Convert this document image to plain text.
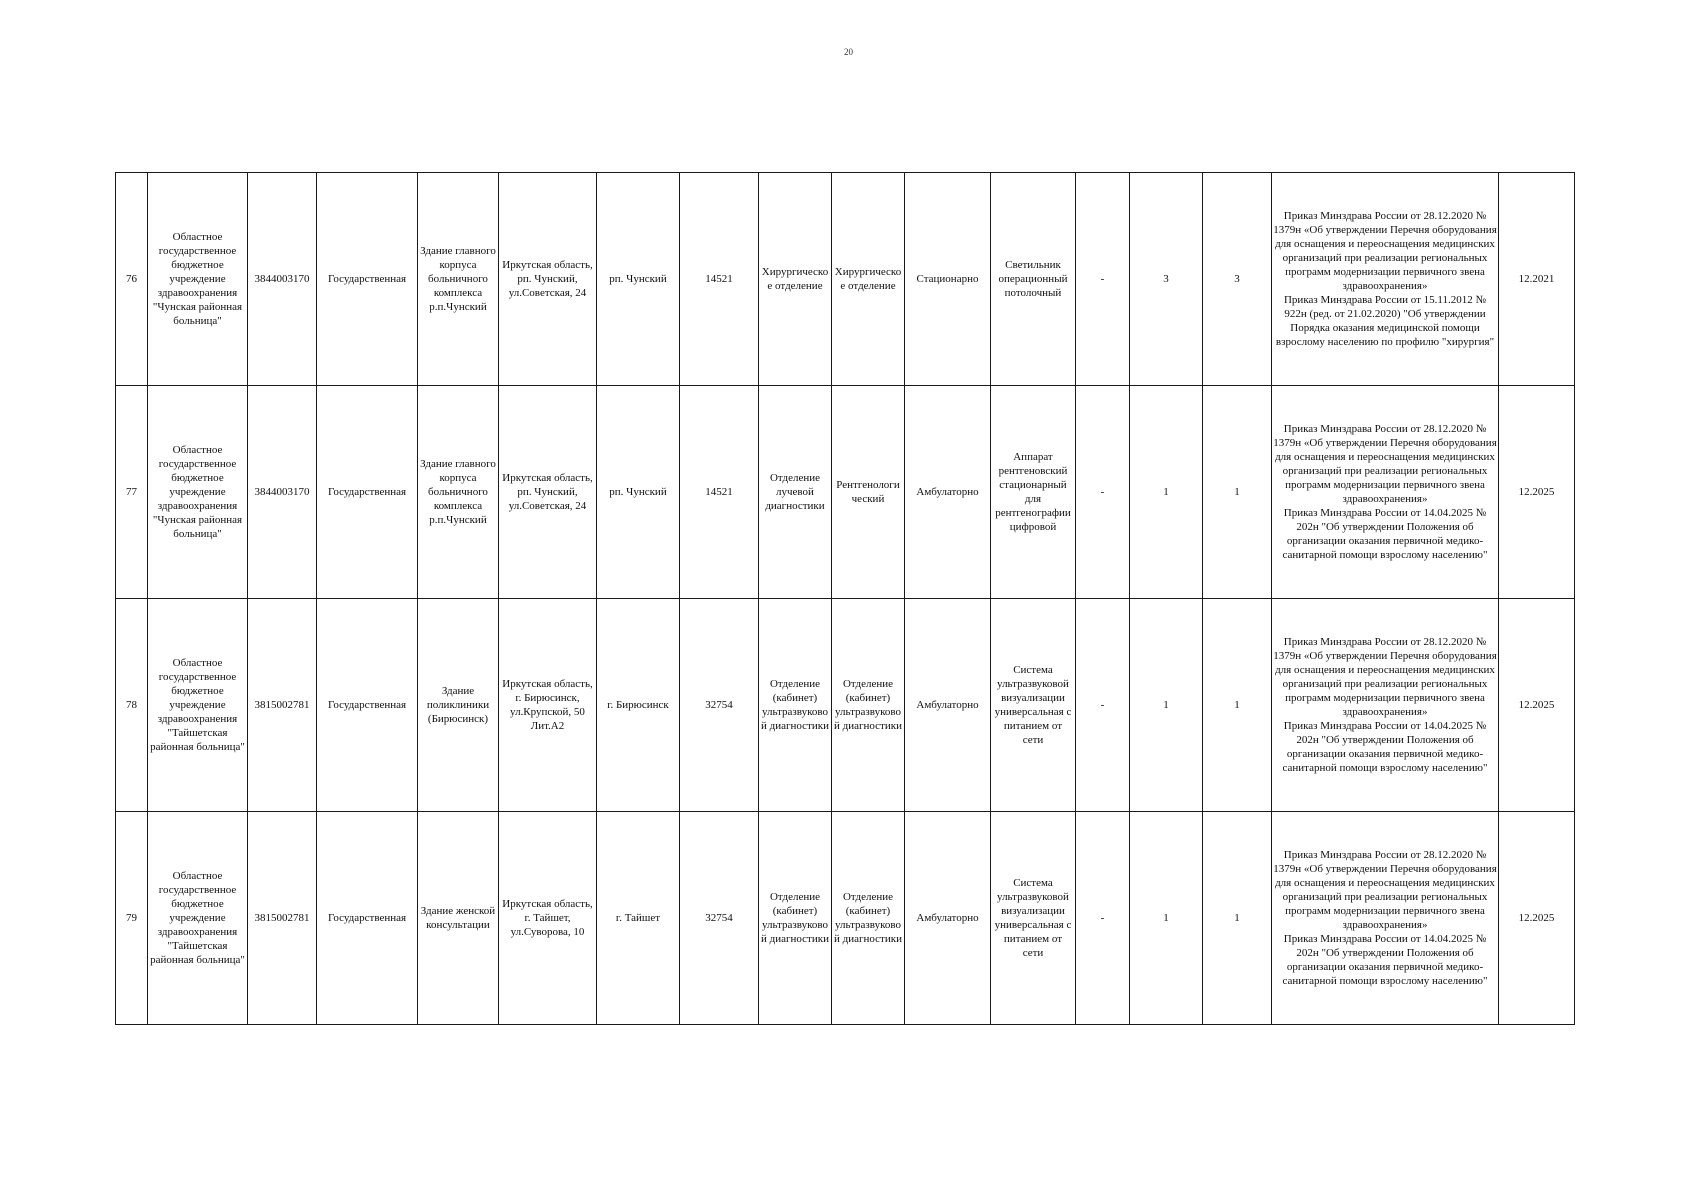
20
76	Областное государственное бюджетное учреждение здравоохранения "Чунская районная больница"	3844003170	Государственная	Здание главного корпуса больничного комплекса р.п.Чунский	Иркутская область, рп. Чунский, ул.Советская, 24	рп. Чунский	14521	Хирургическое отделение	Хирургическое отделение	Стационарно	Светильник операционный потолочный	-	3	3	Приказ Минздрава России от 28.12.2020 № 1379н «Об утверждении Перечня оборудования для оснащения и переоснащения медицинских организаций при реализации региональных программ модернизации первичного звена здравоохранения»
Приказ Минздрава России от 15.11.2012 № 922н (ред. от 21.02.2020) "Об утверждении Порядка оказания медицинской помощи взрослому населению по профилю "хирургия"	12.2021
77	Областное государственное бюджетное учреждение здравоохранения "Чунская районная больница"	3844003170	Государственная	Здание главного корпуса больничного комплекса р.п.Чунский	Иркутская область, рп. Чунский, ул.Советская, 24	рп. Чунский	14521	Отделение лучевой диагностики	Рентгенологический	Амбулаторно	Аппарат рентгеновский стационарный для рентгенографии цифровой	-	1	1	Приказ Минздрава России от 28.12.2020 № 1379н «Об утверждении Перечня оборудования для оснащения и переоснащения медицинских организаций при реализации региональных программ модернизации первичного звена здравоохранения»
Приказ Минздрава России от 14.04.2025 № 202н "Об утверждении Положения об организации оказания первичной медико-санитарной помощи взрослому населению"	12.2025
78	Областное государственное бюджетное учреждение здравоохранения "Тайшетская районная больница"	3815002781	Государственная	Здание поликлиники (Бирюсинск)	Иркутская область, г. Бирюсинск, ул.Крупской, 50 Лит.А2	г. Бирюсинск	32754	Отделение (кабинет) ультразвуковой диагностики	Отделение (кабинет) ультразвуковой диагностики	Амбулаторно	Система ультразвуковой визуализации универсальная с питанием от сети	-	1	1	Приказ Минздрава России от 28.12.2020 № 1379н «Об утверждении Перечня оборудования для оснащения и переоснащения медицинских организаций при реализации региональных программ модернизации первичного звена здравоохранения»
Приказ Минздрава России от 14.04.2025 № 202н "Об утверждении Положения об организации оказания первичной медико-санитарной помощи взрослому населению"	12.2025
79	Областное государственное бюджетное учреждение здравоохранения "Тайшетская районная больница"	3815002781	Государственная	Здание женской консультации	Иркутская область, г. Тайшет, ул.Суворова, 10	г. Тайшет	32754	Отделение (кабинет) ультразвуковой диагностики	Отделение (кабинет) ультразвуковой диагностики	Амбулаторно	Система ультразвуковой визуализации универсальная с питанием от сети	-	1	1	Приказ Минздрава России от 28.12.2020 № 1379н «Об утверждении Перечня оборудования для оснащения и переоснащения медицинских организаций при реализации региональных программ модернизации первичного звена здравоохранения»
Приказ Минздрава России от 14.04.2025 № 202н "Об утверждении Положения об организации оказания первичной медико-санитарной помощи взрослому населению"	12.2025
